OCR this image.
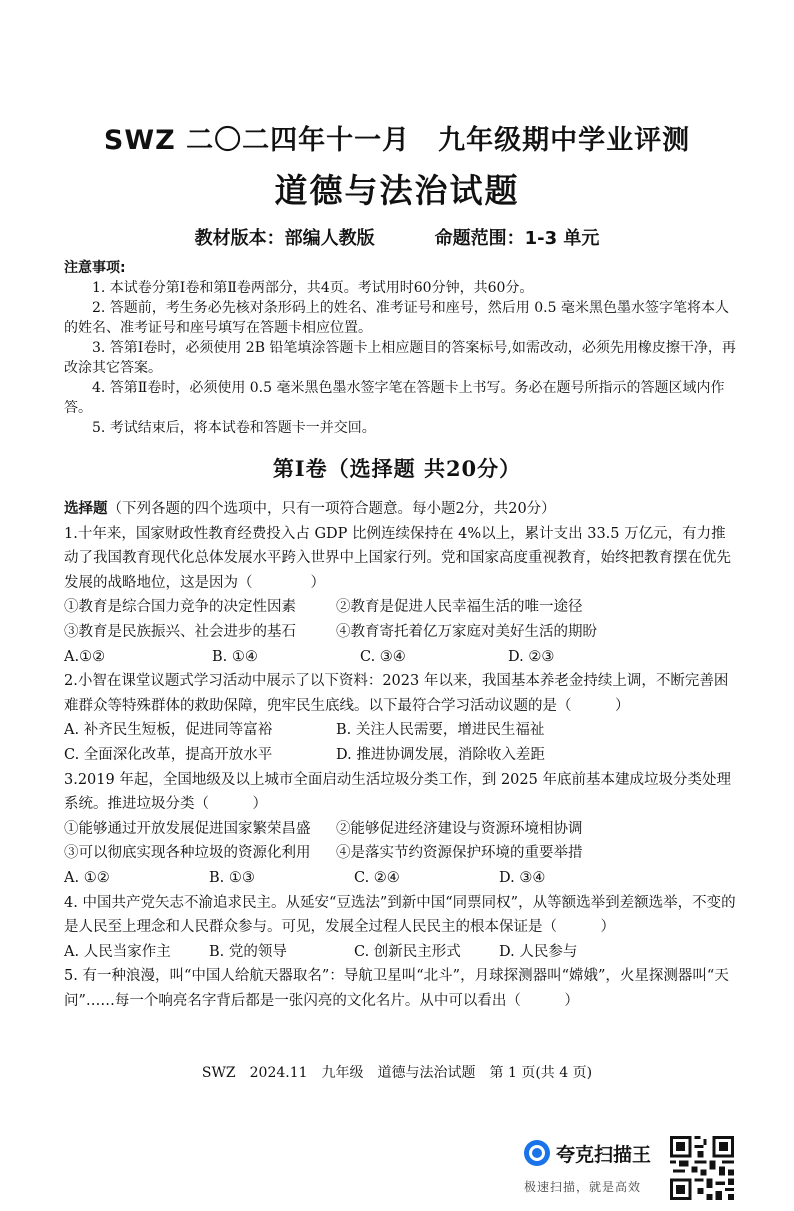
SWZ 二〇二四年十一月　九年级期中学业评测
道德与法治试题
教材版本：部编人教版	命题范围：1-3 单元
注意事项:

1. 本试卷分第Ⅰ卷和第Ⅱ卷两部分，共4页。考试用时60分钟，共60分。

2. 答题前，考生务必先核对条形码上的姓名、准考证号和座号，然后用 0.5 毫米黑色墨水签字笔将本人的姓名、准考证号和座号填写在答题卡相应位置。

3. 答第Ⅰ卷时，必须使用 2B 铅笔填涂答题卡上相应题目的答案标号,如需改动，必须先用橡皮擦干净，再改涂其它答案。

4. 答第Ⅱ卷时，必须使用 0.5 毫米黑色墨水签字笔在答题卡上书写。务必在题号所指示的答题区域内作答。

5. 考试结束后，将本试卷和答题卡一并交回。

第Ⅰ卷（选择题 共20分）

选择题（下列各题的四个选项中，只有一项符合题意。每小题2分，共20分）

1.十年来，国家财政性教育经费投入占 GDP 比例连续保持在 4%以上，累计支出 33.5 万亿元，有力推动了我国教育现代化总体发展水平跨入世界中上国家行列。党和国家高度重视教育，始终把教育摆在优先发展的战略地位，这是因为（　　　　）

①教育是综合国力竞争的决定性因素	②教育是促进人民幸福生活的唯一途径
③教育是民族振兴、社会进步的基石	④教育寄托着亿万家庭对美好生活的期盼
A.①②	B. ①④	C. ③④	D. ②③

2.小智在课堂议题式学习活动中展示了以下资料：2023 年以来，我国基本养老金持续上调，不断完善困难群众等特殊群体的救助保障，兜牢民生底线。以下最符合学习活动议题的是（　　　）

A. 补齐民生短板，促进同等富裕	B. 关注人民需要，增进民生福祉
C. 全面深化改革，提高开放水平	D. 推进协调发展，消除收入差距

3.2019 年起，全国地级及以上城市全面启动生活垃圾分类工作，到 2025 年底前基本建成垃圾分类处理系统。推进垃圾分类（　　　）

①能够通过开放发展促进国家繁荣昌盛	②能够促进经济建设与资源环境相协调
③可以彻底实现各种垃圾的资源化利用	④是落实节约资源保护环境的重要举措
A. ①②	B. ①③	C. ②④	D. ③④

4. 中国共产党矢志不渝追求民主。从延安“豆选法”到新中国“同票同权”，从等额选举到差额选举，不变的是人民至上理念和人民群众参与。可见，发展全过程人民民主的根本保证是（　　　）

A. 人民当家作主	B. 党的领导	C. 创新民主形式	D. 人民参与

5. 有一种浪漫，叫“中国人给航天器取名”：导航卫星叫“北斗”，月球探测器叫“嫦娥”，火星探测器叫“天问”……每一个响亮名字背后都是一张闪亮的文化名片。从中可以看出（　　　）

SWZ　2024.11　九年级　道德与法治试题　第 1 页(共 4 页)
夸克扫描王
极速扫描，就是高效
